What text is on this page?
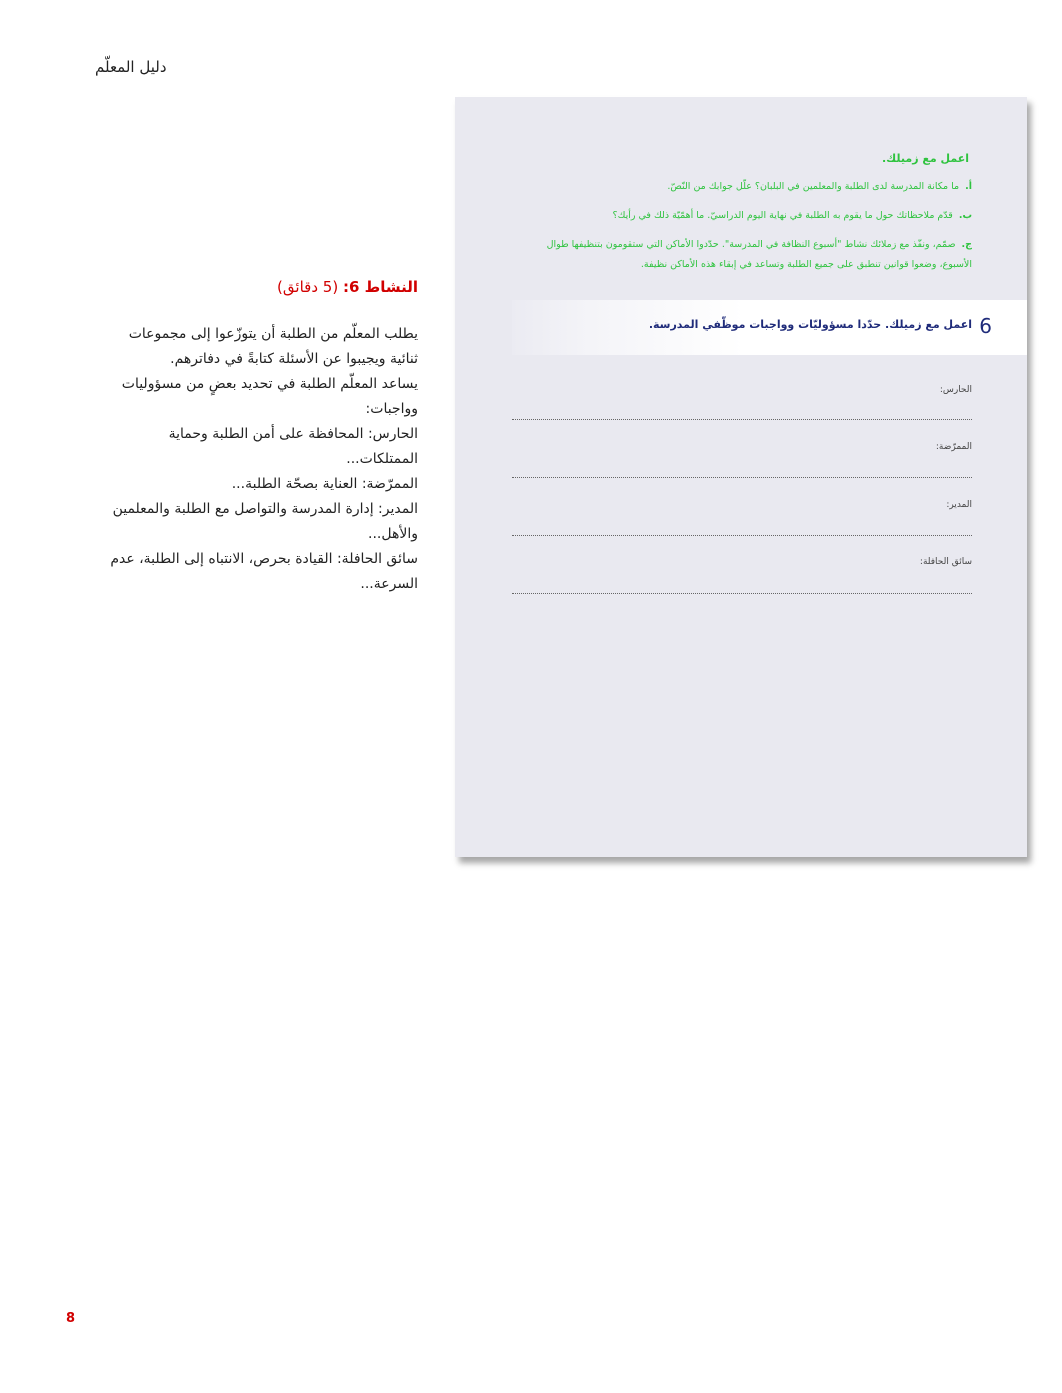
دليل المعلّم
النشاط 6: (5 دقائق)

يطلب المعلّم من الطلبة أن يتوزّعوا إلى مجموعات ثنائية ويجيبوا عن الأسئلة كتابةً في دفاترهم.

يساعد المعلّم الطلبة في تحديد بعضٍ من مسؤوليات وواجبات:

الحارس: المحافظة على أمن الطلبة وحماية الممتلكات...

الممرّضة: العناية بصحّة الطلبة...

المدير: إدارة المدرسة والتواصل مع الطلبة والمعلمين والأهل...

سائق الحافلة: القيادة بحرص، الانتباه إلى الطلبة، عدم السرعة...

اعمل مع زميلك.
أ.ما مكانة المدرسة لدى الطلبة والمعلمين في البلبان؟ علّل جوابك من النّصّ.
ب.قدّم ملاحظاتك حول ما يقوم به الطلبة في نهاية اليوم الدراسيّ. ما أهمّيّة ذلك في رأيك؟
ج.صمّم، ونفّذ مع زملائك نشاط "أسبوع النظافة في المدرسة". حدّدوا الأماكن التي ستقومون بتنظيفها طوال الأسبوع، وضعوا قوانين تنطبق على جميع الطلبة وتساعد في إبقاء هذه الأماكن نظيفة.
6
اعمل مع زميلك. حدّدا مسؤوليّات وواجبات موظّفي المدرسة.
الحارس:
الممرّضة:
المدير:
سائق الحافلة:
8
